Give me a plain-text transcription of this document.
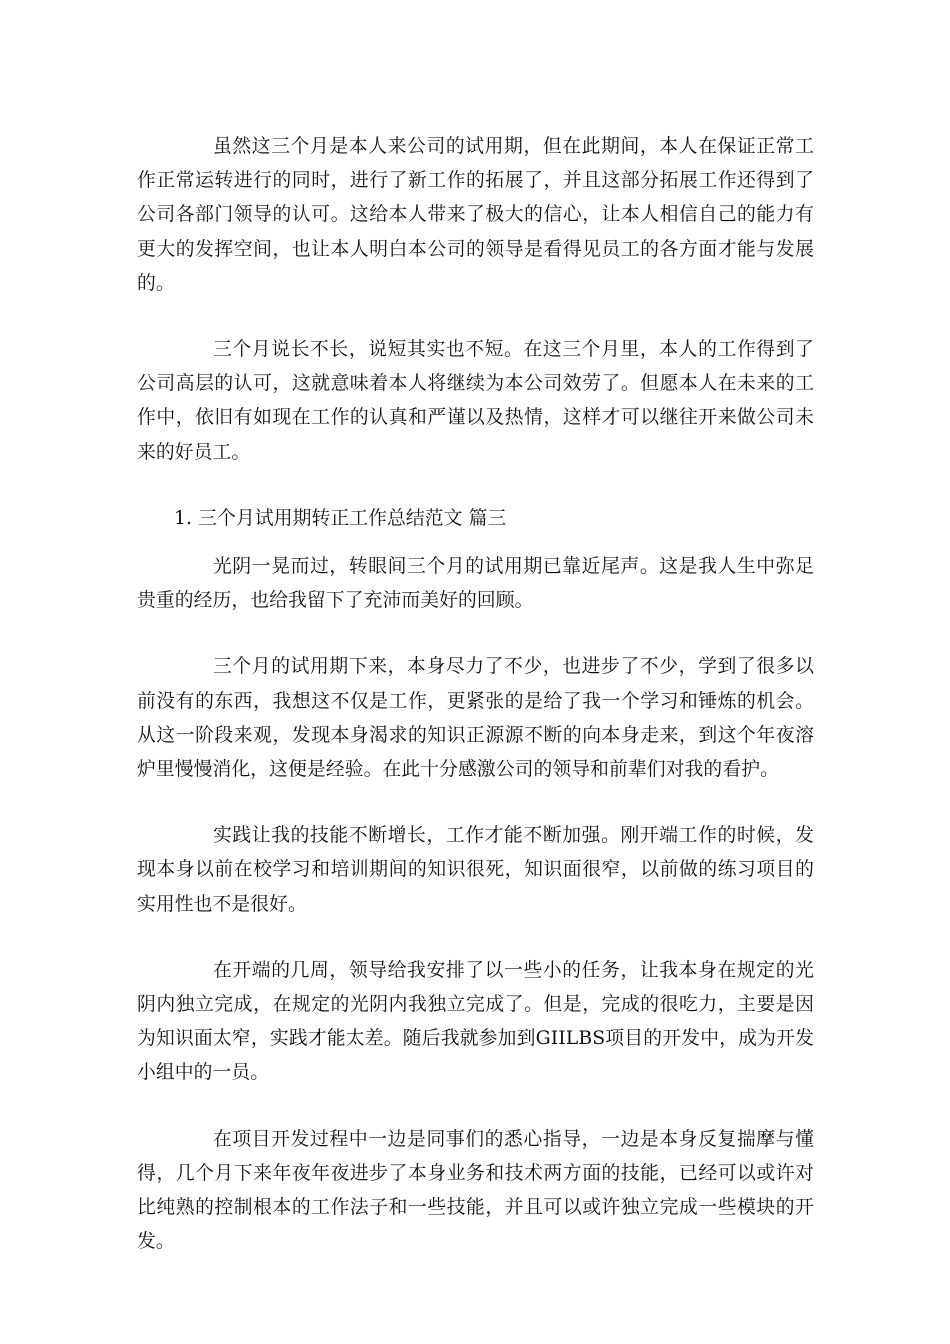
虽然这三个月是本人来公司的试用期，但在此期间，本人在保证正常工作正常运转进行的同时，进行了新工作的拓展了，并且这部分拓展工作还得到了公司各部门领导的认可。这给本人带来了极大的信心，让本人相信自己的能力有更大的发挥空间，也让本人明白本公司的领导是看得见员工的各方面才能与发展的。

三个月说长不长，说短其实也不短。在这三个月里，本人的工作得到了公司高层的认可，这就意味着本人将继续为本公司效劳了。但愿本人在未来的工作中，依旧有如现在工作的认真和严谨以及热情，这样才可以继往开来做公司未来的好员工。

1. 三个月试用期转正工作总结范文 篇三

光阴一晃而过，转眼间三个月的试用期已靠近尾声。这是我人生中弥足贵重的经历，也给我留下了充沛而美好的回顾。

三个月的试用期下来，本身尽力了不少，也进步了不少，学到了很多以前没有的东西，我想这不仅是工作，更紧张的是给了我一个学习和锤炼的机会。从这一阶段来观，发现本身渴求的知识正源源不断的向本身走来，到这个年夜溶炉里慢慢消化，这便是经验。在此十分感激公司的领导和前辈们对我的看护。

实践让我的技能不断增长，工作才能不断加强。刚开端工作的时候，发现本身以前在校学习和培训期间的知识很死，知识面很窄，以前做的练习项目的实用性也不是很好。

在开端的几周，领导给我安排了以一些小的任务，让我本身在规定的光阴内独立完成，在规定的光阴内我独立完成了。但是，完成的很吃力，主要是因为知识面太窄，实践才能太差。随后我就参加到GIILBS项目的开发中，成为开发小组中的一员。

在项目开发过程中一边是同事们的悉心指导，一边是本身反复揣摩与懂得，几个月下来年夜年夜进步了本身业务和技术两方面的技能，已经可以或许对比纯熟的控制根本的工作法子和一些技能，并且可以或许独立完成一些模块的开发。
